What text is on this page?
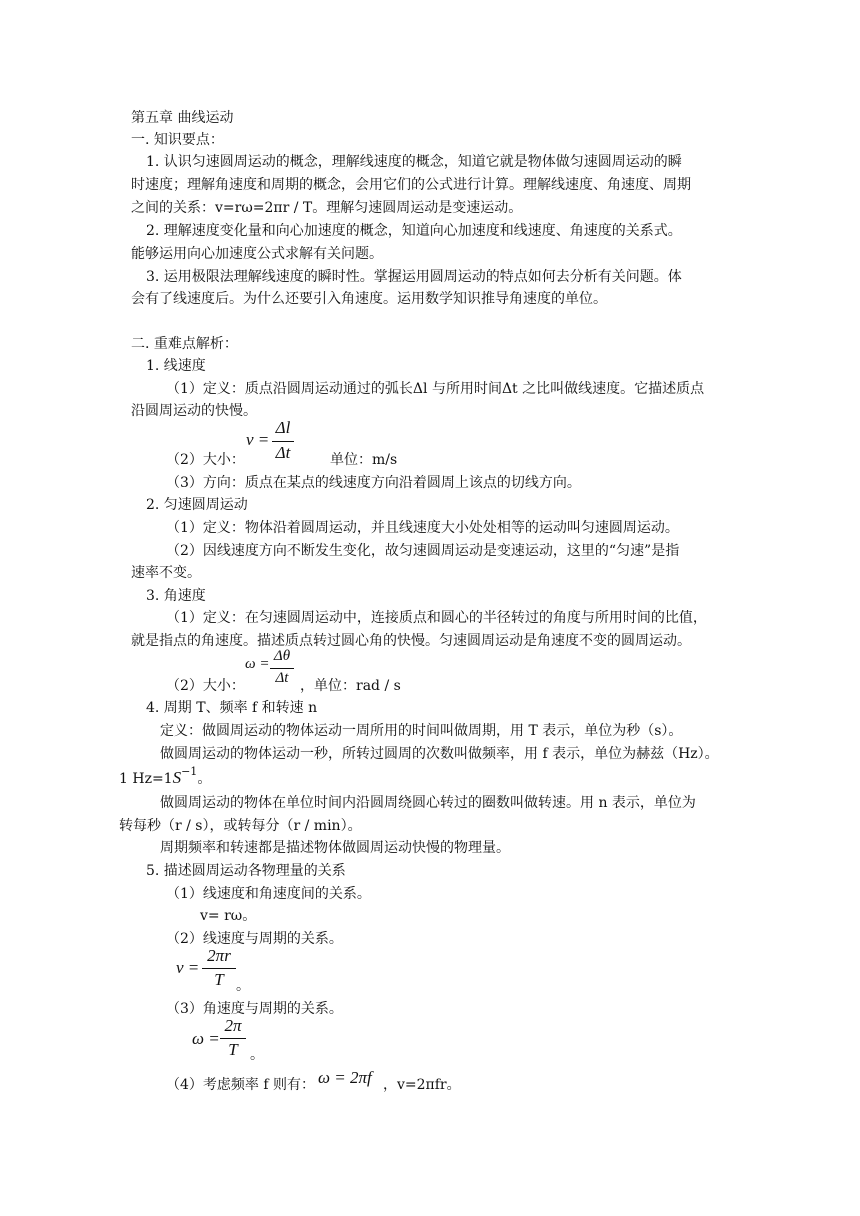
第五章 曲线运动
一. 知识要点：
1. 认识匀速圆周运动的概念，理解线速度的概念，知道它就是物体做匀速圆周运动的瞬
时速度；理解角速度和周期的概念，会用它们的公式进行计算。理解线速度、角速度、周期
之间的关系：v=rω=2πr / T。理解匀速圆周运动是变速运动。
2. 理解速度变化量和向心加速度的概念，知道向心加速度和线速度、角速度的关系式。
能够运用向心加速度公式求解有关问题。
3. 运用极限法理解线速度的瞬时性。掌握运用圆周运动的特点如何去分析有关问题。体
会有了线速度后。为什么还要引入角速度。运用数学知识推导角速度的单位。
二. 重难点解析：
1. 线速度
（1）定义：质点沿圆周运动通过的弧长Δl 与所用时间Δt 之比叫做线速度。它描述质点
沿圆周运动的快慢。
（2）大小：
v =
Δl
Δt	单位：m/s
（3）方向：质点在某点的线速度方向沿着圆周上该点的切线方向。
2. 匀速圆周运动
（1）定义：物体沿着圆周运动，并且线速度大小处处相等的运动叫匀速圆周运动。
（2）因线速度方向不断发生变化，故匀速圆周运动是变速运动，这里的“匀速”是指
速率不变。
3. 角速度
（1）定义：在匀速圆周运动中，连接质点和圆心的半径转过的角度与所用时间的比值，
就是指点的角速度。描述质点转过圆心角的快慢。匀速圆周运动是角速度不变的圆周运动。
（2）大小：
ω = Δθ
Δt ，单位：rad / s
4. 周期 T、频率 f 和转速 n
定义：做圆周运动的物体运动一周所用的时间叫做周期，用 T 表示，单位为秒（s）。
做圆周运动的物体运动一秒，所转过圆周的次数叫做频率，用 f 表示，单位为赫兹（Hz）。
1 $Hz=1S^{-1}$。
做圆周运动的物体在单位时间内沿圆周绕圆心转过的圈数叫做转速。用 n 表示，单位为
转每秒（r / s），或转每分（r / min）。
周期频率和转速都是描述物体做圆周运动快慢的物理量。
5. 描述圆周运动各物理量的关系
（1）线速度和角速度间的关系。
v= rω。
（2）线速度与周期的关系。
v =
2πr
T 。
（3）角速度与周期的关系。
ω =
2π
T 。
（4）考虑频率 f 则有： ω = 2πf ，v=2πfr。
